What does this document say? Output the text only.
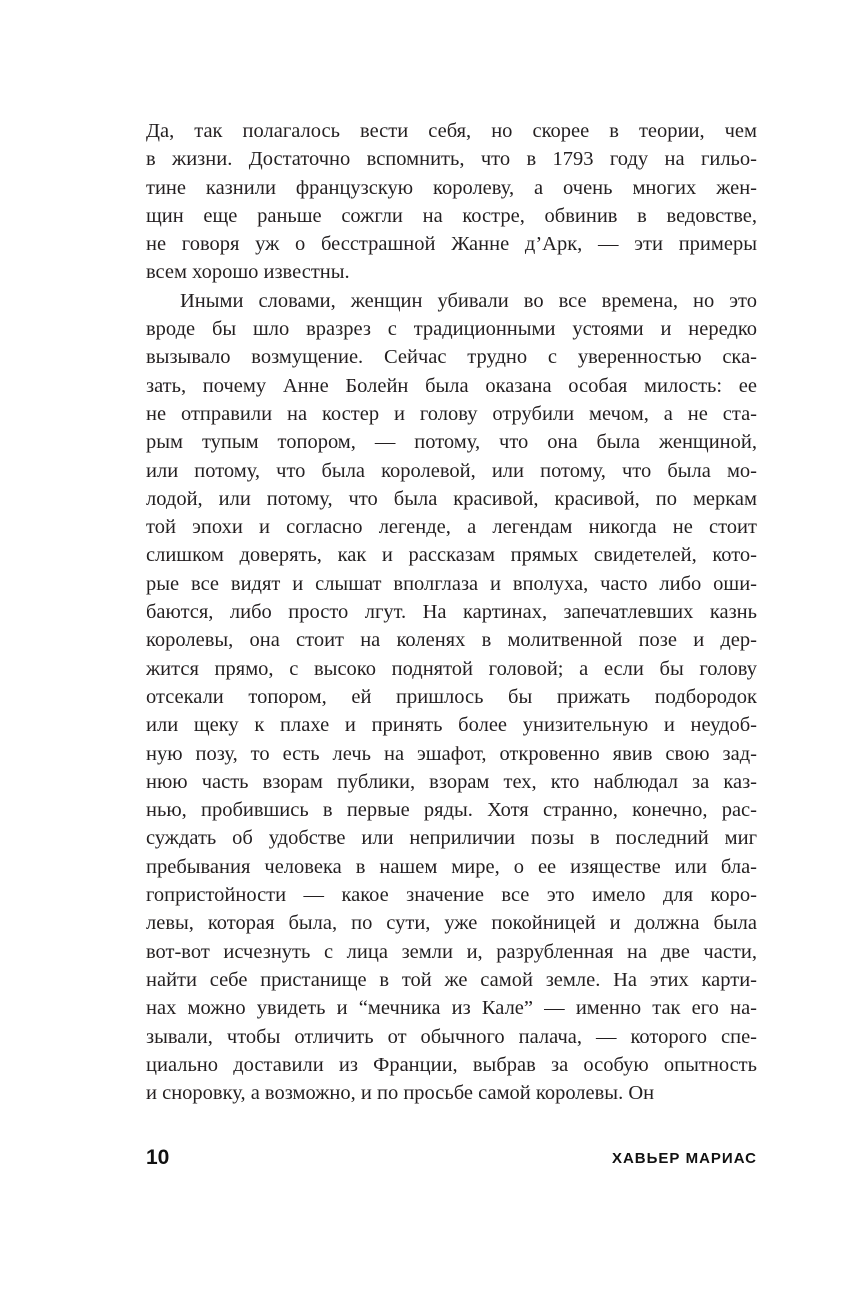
Да, так полагалось вести себя, но скорее в теории, чем
в жизни. Достаточно вспомнить, что в 1793 году на гильо-
тине казнили французскую королеву, а очень многих жен-
щин еще раньше сожгли на костре, обвинив в ведовстве,
не говоря уж о бесстрашной Жанне д’Арк, — эти примеры
всем хорошо известны.
Иными словами, женщин убивали во все времена, но это
вроде бы шло вразрез с традиционными устоями и нередко
вызывало возмущение. Сейчас трудно с уверенностью ска-
зать, почему Анне Болейн была оказана особая милость: ее
не отправили на костер и голову отрубили мечом, а не ста-
рым тупым топором, — потому, что она была женщиной,
или потому, что была королевой, или потому, что была мо-
лодой, или потому, что была красивой, красивой, по меркам
той эпохи и согласно легенде, а легендам никогда не стоит
слишком доверять, как и рассказам прямых свидетелей, кото-
рые все видят и слышат вполглаза и вполуха, часто либо оши-
баются, либо просто лгут. На картинах, запечатлевших казнь
королевы, она стоит на коленях в молитвенной позе и дер-
жится прямо, с высоко поднятой головой; а если бы голову
отсекали топором, ей пришлось бы прижать подбородок
или щеку к плахе и принять более унизительную и неудоб-
ную позу, то есть лечь на эшафот, откровенно явив свою зад-
нюю часть взорам публики, взорам тех, кто наблюдал за каз-
нью, пробившись в первые ряды. Хотя странно, конечно, рас-
суждать об удобстве или неприличии позы в последний миг
пребывания человека в нашем мире, о ее изяществе или бла-
гопристойности — какое значение все это имело для коро-
левы, которая была, по сути, уже покойницей и должна была
вот-вот исчезнуть с лица земли и, разрубленная на две части,
найти себе пристанище в той же самой земле. На этих карти-
нах можно увидеть и “мечника из Кале” — именно так его на-
зывали, чтобы отличить от обычного палача, — которого спе-
циально доставили из Франции, выбрав за особую опытность
и сноровку, а возможно, и по просьбе самой королевы. Он
10	ХАВЬЕР МАРИАС
